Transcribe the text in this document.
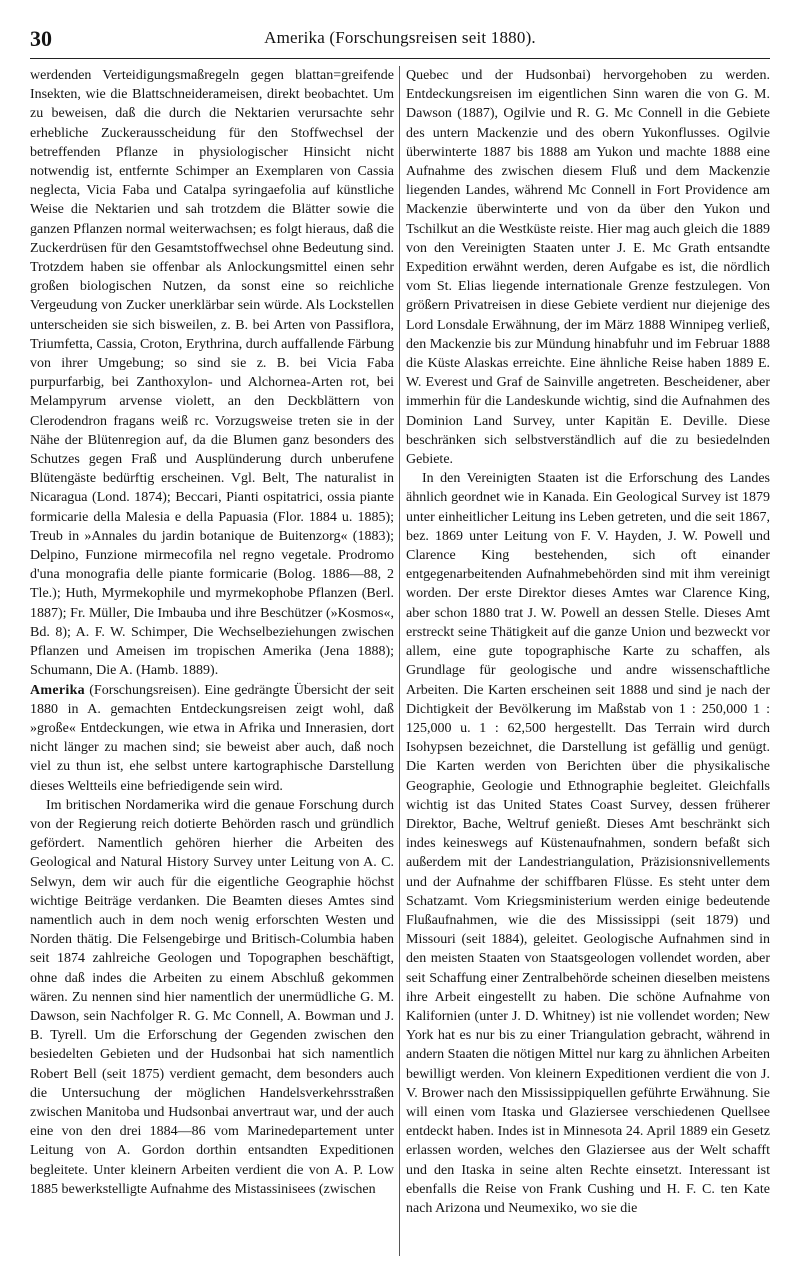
30	Amerika (Forschungsreisen seit 1880).

werdenden Verteidigungsmaßregeln gegen blattan=greifende Insekten, wie die Blattschneiderameisen, direkt beobachtet. Um zu beweisen, daß die durch die Nektarien verursachte sehr erhebliche Zuckerausscheidung für den Stoffwechsel der betreffenden Pflanze in physiologischer Hinsicht nicht notwendig ist, entfernte Schimper an Exemplaren von Cassia neglecta, Vicia Faba und Catalpa syringaefolia auf künstliche Weise die Nektarien und sah trotzdem die Blätter sowie die ganzen Pflanzen normal weiterwachsen; es folgt hieraus, daß die Zuckerdrüsen für den Gesamtstoffwechsel ohne Bedeutung sind. Trotzdem haben sie offenbar als Anlockungsmittel einen sehr großen biologischen Nutzen, da sonst eine so reichliche Vergeudung von Zucker unerklärbar sein würde. Als Lockstellen unterscheiden sie sich bisweilen, z. B. bei Arten von Passiflora, Triumfetta, Cassia, Croton, Erythrina, durch auffallende Färbung von ihrer Umgebung; so sind sie z. B. bei Vicia Faba purpurfarbig, bei Zanthoxylon- und Alchornea-Arten rot, bei Melampyrum arvense violett, an den Deckblättern von Clerodendron fragans weiß rc. Vorzugsweise treten sie in der Nähe der Blütenregion auf, da die Blumen ganz besonders des Schutzes gegen Fraß und Ausplünderung durch unberufene Blütengäste bedürftig erscheinen. Vgl. Belt, The naturalist in Nicaragua (Lond. 1874); Beccari, Pianti ospitatrici, ossia piante formicarie della Malesia e della Papuasia (Flor. 1884 u. 1885); Treub in »Annales du jardin botanique de Buitenzorg« (1883); Delpino, Funzione mirmecofila nel regno vegetale. Prodromo d'una monografia delle piante formicarie (Bolog. 1886—88, 2 Tle.); Huth, Myrmekophile und myrmekophobe Pflanzen (Berl. 1887); Fr. Müller, Die Imbauba und ihre Beschützer (»Kosmos«, Bd. 8); A. F. W. Schimper, Die Wechselbeziehungen zwischen Pflanzen und Ameisen im tropischen Amerika (Jena 1888); Schumann, Die A. (Hamb. 1889).

Amerika (Forschungsreisen). Eine gedrängte Übersicht der seit 1880 in A. gemachten Entdeckungsreisen zeigt wohl, daß »große« Entdeckungen, wie etwa in Afrika und Innerasien, dort nicht länger zu machen sind; sie beweist aber auch, daß noch viel zu thun ist, ehe selbst untere kartographische Darstellung dieses Weltteils eine befriedigende sein wird.

Im britischen Nordamerika wird die genaue Forschung durch von der Regierung reich dotierte Behörden rasch und gründlich gefördert. Namentlich gehören hierher die Arbeiten des Geological and Natural History Survey unter Leitung von A. C. Selwyn, dem wir auch für die eigentliche Geographie höchst wichtige Beiträge verdanken. Die Beamten dieses Amtes sind namentlich auch in dem noch wenig erforschten Westen und Norden thätig. Die Felsengebirge und Britisch-Columbia haben seit 1874 zahlreiche Geologen und Topographen beschäftigt, ohne daß indes die Arbeiten zu einem Abschluß gekommen wären. Zu nennen sind hier namentlich der unermüdliche G. M. Dawson, sein Nachfolger R. G. Mc Connell, A. Bowman und J. B. Tyrell. Um die Erforschung der Gegenden zwischen den besiedelten Gebieten und der Hudsonbai hat sich namentlich Robert Bell (seit 1875) verdient gemacht, dem besonders auch die Untersuchung der möglichen Handelsverkehrsstraßen zwischen Manitoba und Hudsonbai anvertraut war, und der auch eine von den drei 1884—86 vom Marinedepartement unter Leitung von A. Gordon dorthin entsandten Expeditionen begleitete. Unter kleinern Arbeiten verdient die von A. P. Low 1885 bewerkstelligte Aufnahme des Mistassinisees (zwischen

Quebec und der Hudsonbai) hervorgehoben zu werden. Entdeckungsreisen im eigentlichen Sinn waren die von G. M. Dawson (1887), Ogilvie und R. G. Mc Connell in die Gebiete des untern Mackenzie und des obern Yukonflusses. Ogilvie überwinterte 1887 bis 1888 am Yukon und machte 1888 eine Aufnahme des zwischen diesem Fluß und dem Mackenzie liegenden Landes, während Mc Connell in Fort Providence am Mackenzie überwinterte und von da über den Yukon und Tschilkut an die Westküste reiste. Hier mag auch gleich die 1889 von den Vereinigten Staaten unter J. E. Mc Grath entsandte Expedition erwähnt werden, deren Aufgabe es ist, die nördlich vom St. Elias liegende internationale Grenze festzulegen. Von größern Privatreisen in diese Gebiete verdient nur diejenige des Lord Lonsdale Erwähnung, der im März 1888 Winnipeg verließ, den Mackenzie bis zur Mündung hinabfuhr und im Februar 1888 die Küste Alaskas erreichte. Eine ähnliche Reise haben 1889 E. W. Everest und Graf de Sainville angetreten. Bescheidener, aber immerhin für die Landeskunde wichtig, sind die Aufnahmen des Dominion Land Survey, unter Kapitän E. Deville. Diese beschränken sich selbstverständlich auf die zu besiedelnden Gebiete.

In den Vereinigten Staaten ist die Erforschung des Landes ähnlich geordnet wie in Kanada. Ein Geological Survey ist 1879 unter einheitlicher Leitung ins Leben getreten, und die seit 1867, bez. 1869 unter Leitung von F. V. Hayden, J. W. Powell und Clarence King bestehenden, sich oft einander entgegenarbeitenden Aufnahmebehörden sind mit ihm vereinigt worden. Der erste Direktor dieses Amtes war Clarence King, aber schon 1880 trat J. W. Powell an dessen Stelle. Dieses Amt erstreckt seine Thätigkeit auf die ganze Union und bezweckt vor allem, eine gute topographische Karte zu schaffen, als Grundlage für geologische und andre wissenschaftliche Arbeiten. Die Karten erscheinen seit 1888 und sind je nach der Dichtigkeit der Bevölkerung im Maßstab von 1 : 250,000 1 : 125,000 u. 1 : 62,500 hergestellt. Das Terrain wird durch Isohypsen bezeichnet, die Darstellung ist gefällig und genügt. Die Karten werden von Berichten über die physikalische Geographie, Geologie und Ethnographie begleitet. Gleichfalls wichtig ist das United States Coast Survey, dessen früherer Direktor, Bache, Weltruf genießt. Dieses Amt beschränkt sich indes keineswegs auf Küstenaufnahmen, sondern befaßt sich außerdem mit der Landestriangulation, Präzisionsnivellements und der Aufnahme der schiffbaren Flüsse. Es steht unter dem Schatzamt. Vom Kriegsministerium werden einige bedeutende Flußaufnahmen, wie die des Mississippi (seit 1879) und Missouri (seit 1884), geleitet. Geologische Aufnahmen sind in den meisten Staaten von Staatsgeologen vollendet worden, aber seit Schaffung einer Zentralbehörde scheinen dieselben meistens ihre Arbeit eingestellt zu haben. Die schöne Aufnahme von Kalifornien (unter J. D. Whitney) ist nie vollendet worden; New York hat es nur bis zu einer Triangulation gebracht, während in andern Staaten die nötigen Mittel nur karg zu ähnlichen Arbeiten bewilligt werden. Von kleinern Expeditionen verdient die von J. V. Brower nach den Mississippiquellen geführte Erwähnung. Sie will einen vom Itaska und Glaziersee verschiedenen Quellsee entdeckt haben. Indes ist in Minnesota 24. April 1889 ein Gesetz erlassen worden, welches den Glaziersee aus der Welt schafft und den Itaska in seine alten Rechte einsetzt. Interessant ist ebenfalls die Reise von Frank Cushing und H. F. C. ten Kate nach Arizona und Neumexiko, wo sie die
